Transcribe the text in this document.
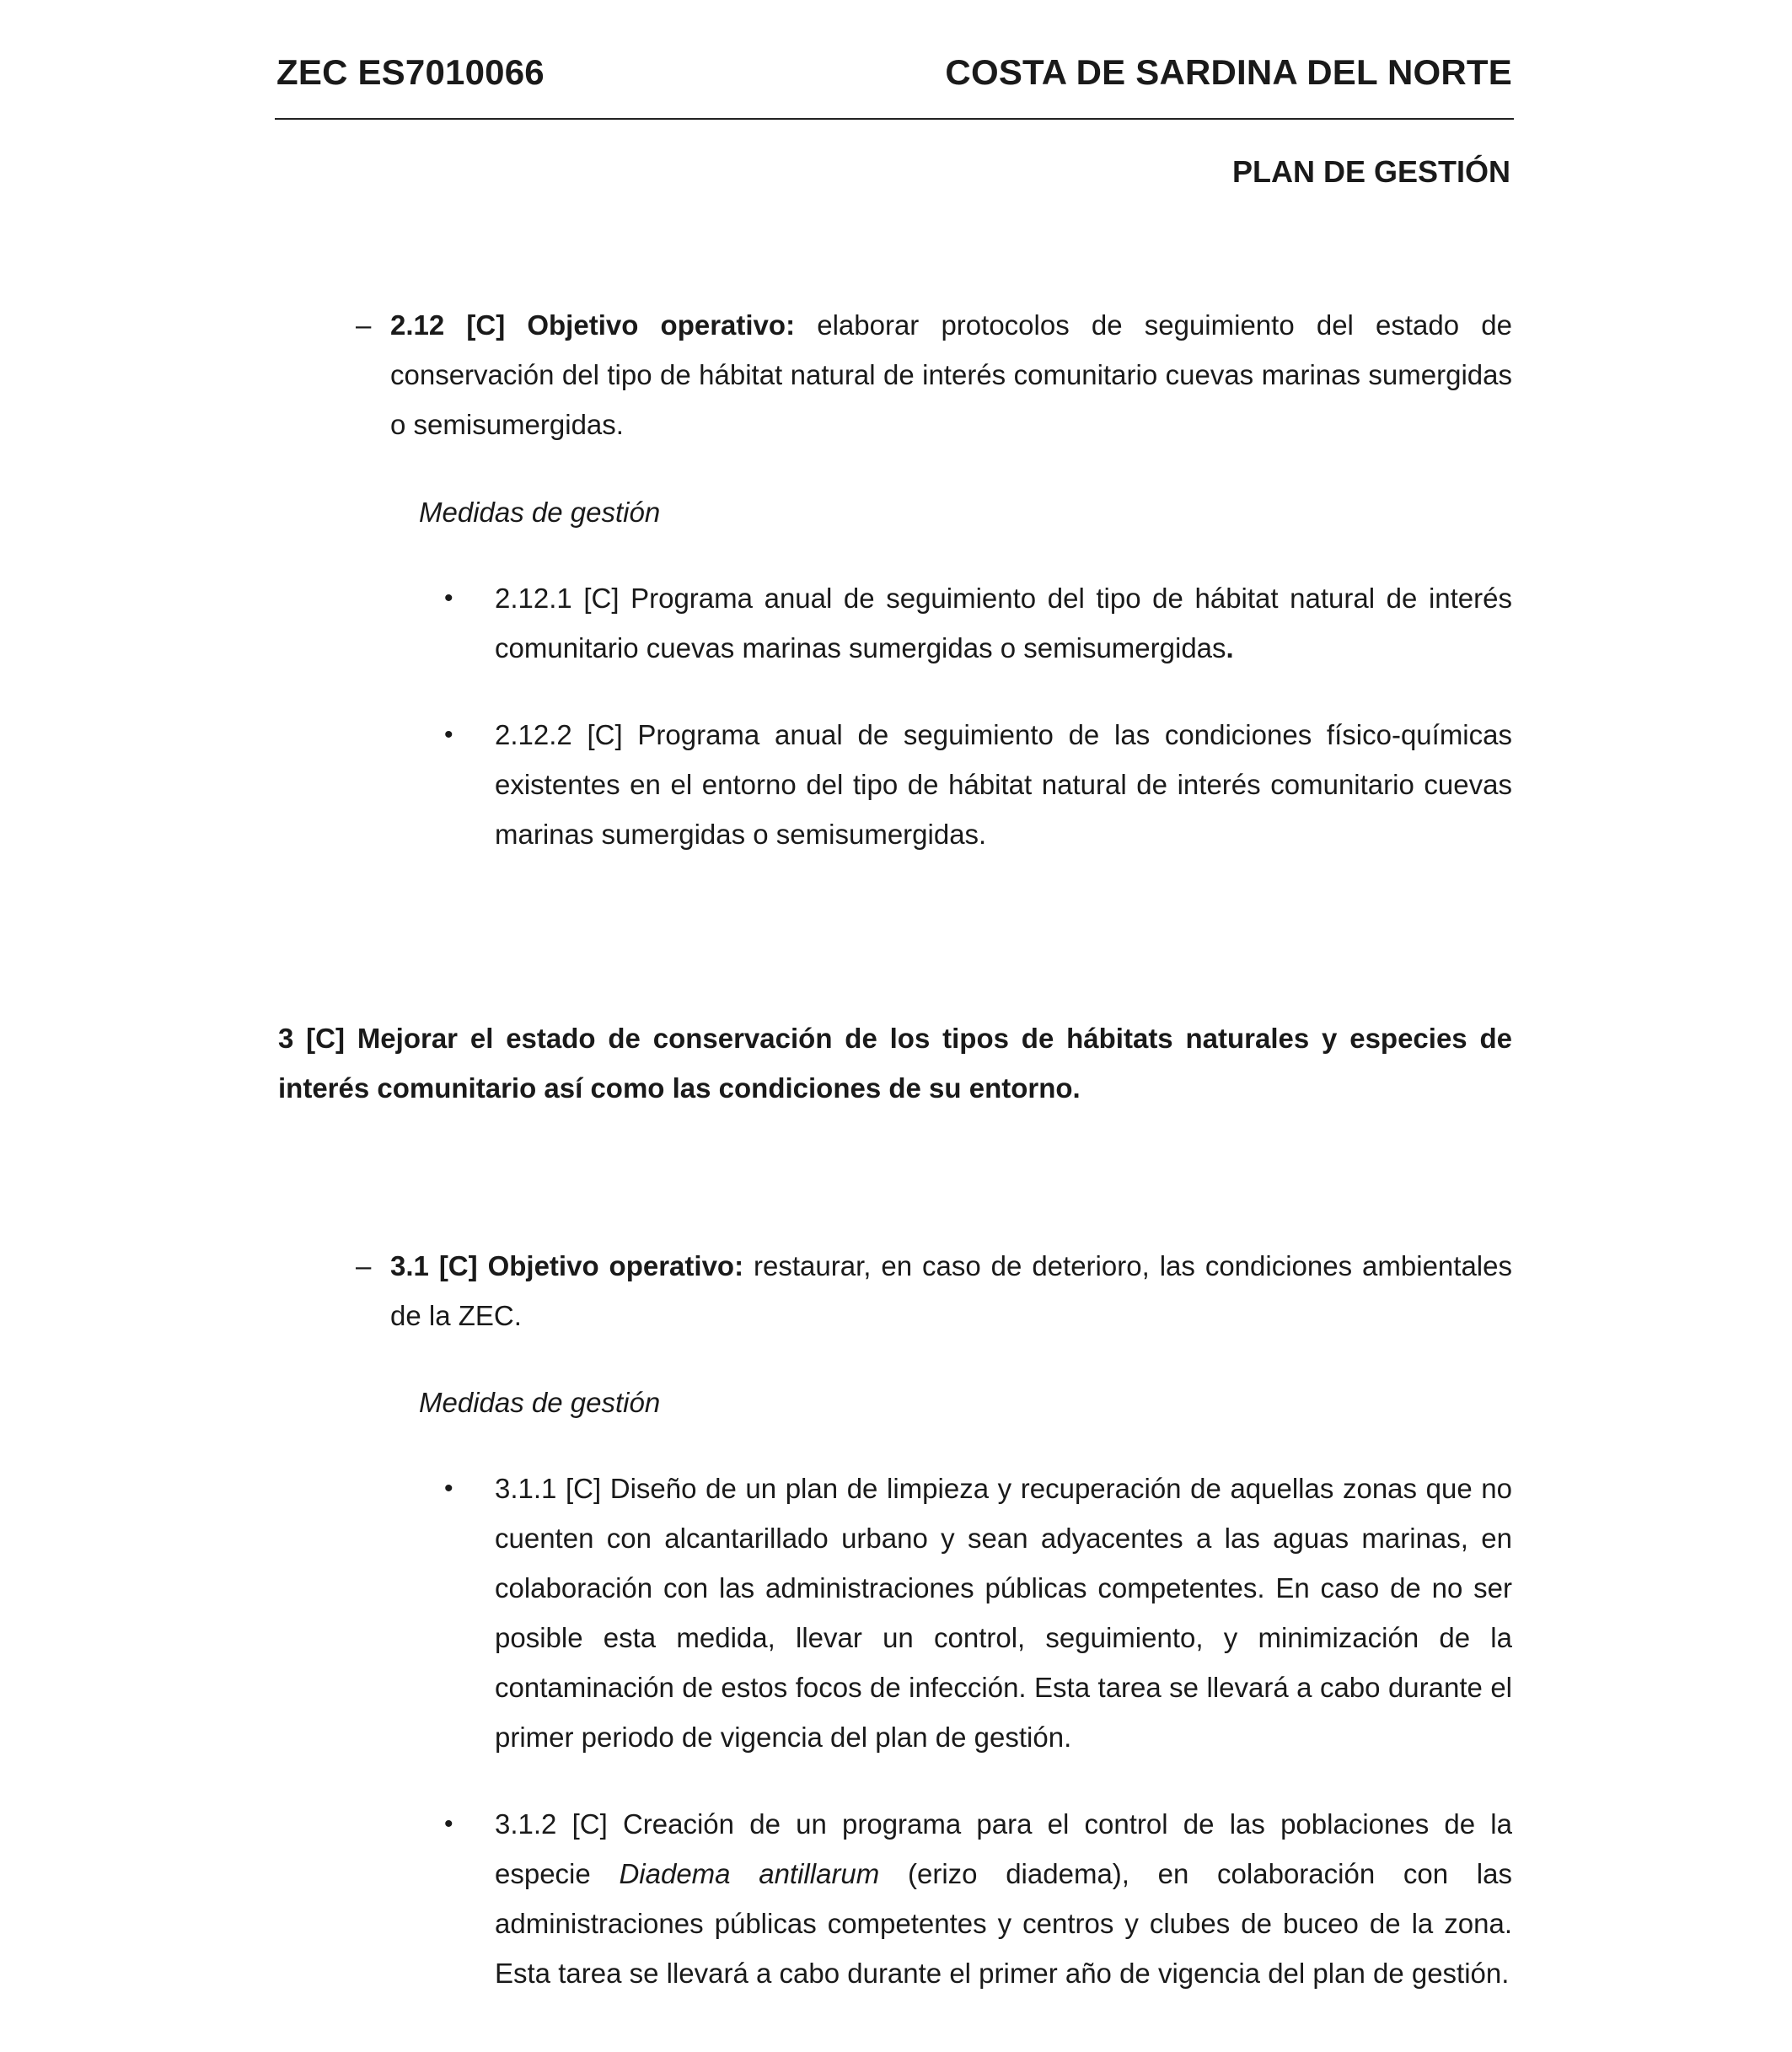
ZEC ES7010066	COSTA DE SARDINA DEL NORTE
PLAN DE GESTIÓN
– 2.12 [C] Objetivo operativo: elaborar protocolos de seguimiento del estado de conservación del tipo de hábitat natural de interés comunitario cuevas marinas sumergidas o semisumergidas.
Medidas de gestión
• 2.12.1 [C] Programa anual de seguimiento del tipo de hábitat natural de interés comunitario cuevas marinas sumergidas o semisumergidas.
• 2.12.2 [C] Programa anual de seguimiento de las condiciones físico-químicas existentes en el entorno del tipo de hábitat natural de interés comunitario cuevas marinas sumergidas o semisumergidas.
3 [C] Mejorar el estado de conservación de los tipos de hábitats naturales y especies de interés comunitario así como las condiciones de su entorno.
– 3.1 [C] Objetivo operativo: restaurar, en caso de deterioro, las condiciones ambientales de la ZEC.
Medidas de gestión
• 3.1.1 [C] Diseño de un plan de limpieza y recuperación de aquellas zonas que no cuenten con alcantarillado urbano y sean adyacentes a las aguas marinas, en colaboración con las administraciones públicas competentes. En caso de no ser posible esta medida, llevar un control, seguimiento, y minimización de la contaminación de estos focos de infección. Esta tarea se llevará a cabo durante el primer periodo de vigencia del plan de gestión.
• 3.1.2 [C] Creación de un programa para el control de las poblaciones de la especie Diadema antillarum (erizo diadema), en colaboración con las administraciones públicas competentes y centros y clubes de buceo de la zona. Esta tarea se llevará a cabo durante el primer año de vigencia del plan de gestión.
